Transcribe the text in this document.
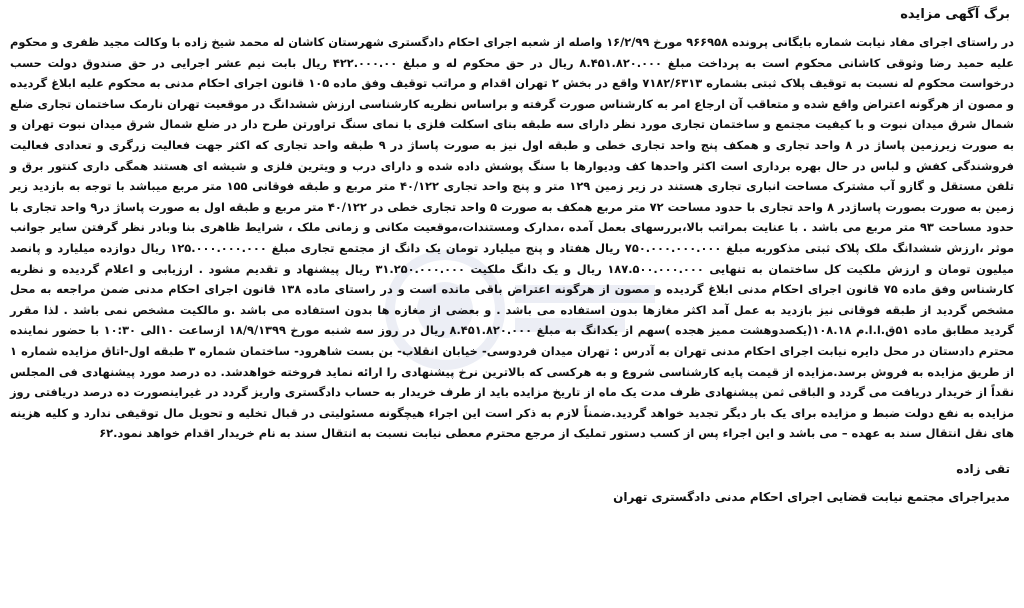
برگ آگهی مزایده
در راستای اجرای مفاد نیابت شماره بایگانی پرونده ۹۶۶۹۵۸ مورخ ۱۶/۲/۹۹ واصله از شعبه اجرای احکام دادگستری شهرستان کاشان له محمد شیخ زاده با وکالت مجید ظفری و محکوم علیه حمید رضا وثوقی کاشانی محکوم است به پرداخت مبلغ ۸.۴۵۱.۸۲۰.۰۰۰ ریال در حق محکوم له و مبلغ ۴۲۲.۰۰۰.۰۰ ریال بابت نیم عشر اجرایی در حق صندوق دولت حسب درخواست محکوم له نسبت به توقیف پلاک ثبتی بشماره ۷۱۸۲/۶۳۱۳ واقع در بخش ۲ تهران اقدام و مراتب توقیف وفق ماده ۱۰۵ قانون اجرای احکام مدنی به محکوم علیه ابلاغ گردیده و مصون از هرگونه اعتراض واقع شده و متعاقب آن ارجاع امر به کارشناس صورت گرفته و براساس نظریه کارشناسی ارزش ششدانگ در موقعیت تهران نارمک ساختمان تجاری ضلع شمال شرق میدان نبوت و با کیفیت مجتمع و ساختمان تجاری مورد نظر دارای سه طبقه بنای اسکلت فلزی با نمای سنگ تراورتن طرح دار در ضلع شمال شرق میدان نبوت تهران و به صورت زیرزمین پاساژ در ۸ واحد تجاری و همکف پنج واحد تجاری خطی و طبقه اول نیز به صورت پاساژ در ۹ طبقه واحد تجاری که اکثر جهت فعالیت زرگری و تعدادی فعالیت فروشندگی کفش و لباس در حال بهره برداری است اکثر واحدها کف ودیوارها با سنگ پوشش داده شده و دارای درب و ویترین فلزی و شیشه ای هستند همگی داری کنتور برق و تلفن مستقل و گازو آب مشترک مساحت انباری تجاری هستند در زیر زمین ۱۲۹ متر و پنج واحد تجاری ۴۰/۱۲۲ متر مربع و طبقه فوقانی ۱۵۵ متر مربع میباشد با توجه به بازدید زیر زمین به صورت بصورت پاساژدر ۸ واحد تجاری با حدود مساحت ۷۲ متر مربع همکف به صورت ۵ واحد تجاری خطی در ۴۰/۱۲۲ متر مربع و طبقه اول به صورت پاساژ در۹ واحد تجاری با حدود مساحت ۹۳ متر مربع می باشد . با عنایت بمراتب بالا،بررسهای بعمل آمده ،مدارک ومستندات،موقعیت مکانی و زمانی ملک ، شرایط ظاهری بنا وبادر نظر گرفتن سایر جوانب موثر ،ارزش ششدانگ ملک پلاک ثبتی مذکوربه مبلغ ۷۵۰.۰۰۰.۰۰۰.۰۰۰ ریال هفتاد و پنج میلیارد تومان یک دانگ از مجتمع تجاری مبلغ ۱۲۵.۰۰۰.۰۰۰.۰۰۰ ریال دوازده میلیارد و پانصد میلیون تومان و ارزش ملکیت کل ساختمان به تنهایی ۱۸۷.۵۰۰.۰۰۰.۰۰۰ ریال و یک دانگ ملکیت ۳۱.۲۵۰.۰۰۰.۰۰۰ ریال پیشنهاد و تقدیم مشود . ارزیابی و اعلام گردیده و نظریه کارشناس وفق ماده ۷۵ قانون اجرای احکام مدنی ابلاغ گردیده و مصون از هرگونه اعتراض باقی مانده است و در راستای ماده ۱۳۸ قانون اجرای احکام مدنی ضمن مراجعه به محل مشخص گردید از طبقه فوقانی نیز بازدید به عمل آمد اکثر مغازها بدون استفاده می باشد . و بعضی از مغازه ها بدون استفاده می باشد .و مالکیت مشخص نمی باشد . لذا مقرر گردید مطابق ماده ۵۱ق.ا.ا.م ۱۰۸.۱۸(یکصدوهشت ممیز هجده )سهم از یکدانگ به مبلغ ۸.۴۵۱.۸۲۰.۰۰۰ ریال در روز سه شنبه مورخ ۱۸/۹/۱۳۹۹ ازساعت ۱۰الی ۱۰:۳۰ با حضور نماینده محترم دادستان در محل دایره نیابت اجرای احکام مدنی تهران به آدرس : تهران میدان فردوسی- خیابان انقلاب- بن بست شاهرود- ساختمان شماره ۳ طبقه اول-اتاق مزایده شماره ۱ از طریق مزایده به فروش برسد.مزایده از قیمت پایه کارشناسی شروع و به هرکسی که بالاترین نرخ پیشنهادی را ارائه نماید فروخته خواهدشد. ده درصد مورد پیشنهادی فی المجلس نقداً از خریدار دریافت می گردد و الباقی ثمن پیشنهادی ظرف مدت یک ماه از تاریخ مزایده باید از طرف خریدار به حساب دادگستری واریز گردد در غیراینصورت ده درصد دریافتی روز مزایده به نفع دولت ضبط و مزایده برای یک بار دیگر تجدید خواهد گردید.ضمناً لازم به ذکر است این اجراء هیچگونه مسئولیتی در قبال تخلیه و تحویل مال توقیفی ندارد و کلیه هزینه های نقل انتقال سند به عهده – می باشد و این اجراء پس از کسب دستور تملیک از مرجع محترم معطی نیابت نسبت به انتقال سند به نام خریدار اقدام خواهد نمود.۶۲
تقی زاده
مدیراجرای مجتمع نیابت قضایی اجرای احکام مدنی دادگستری تهران
